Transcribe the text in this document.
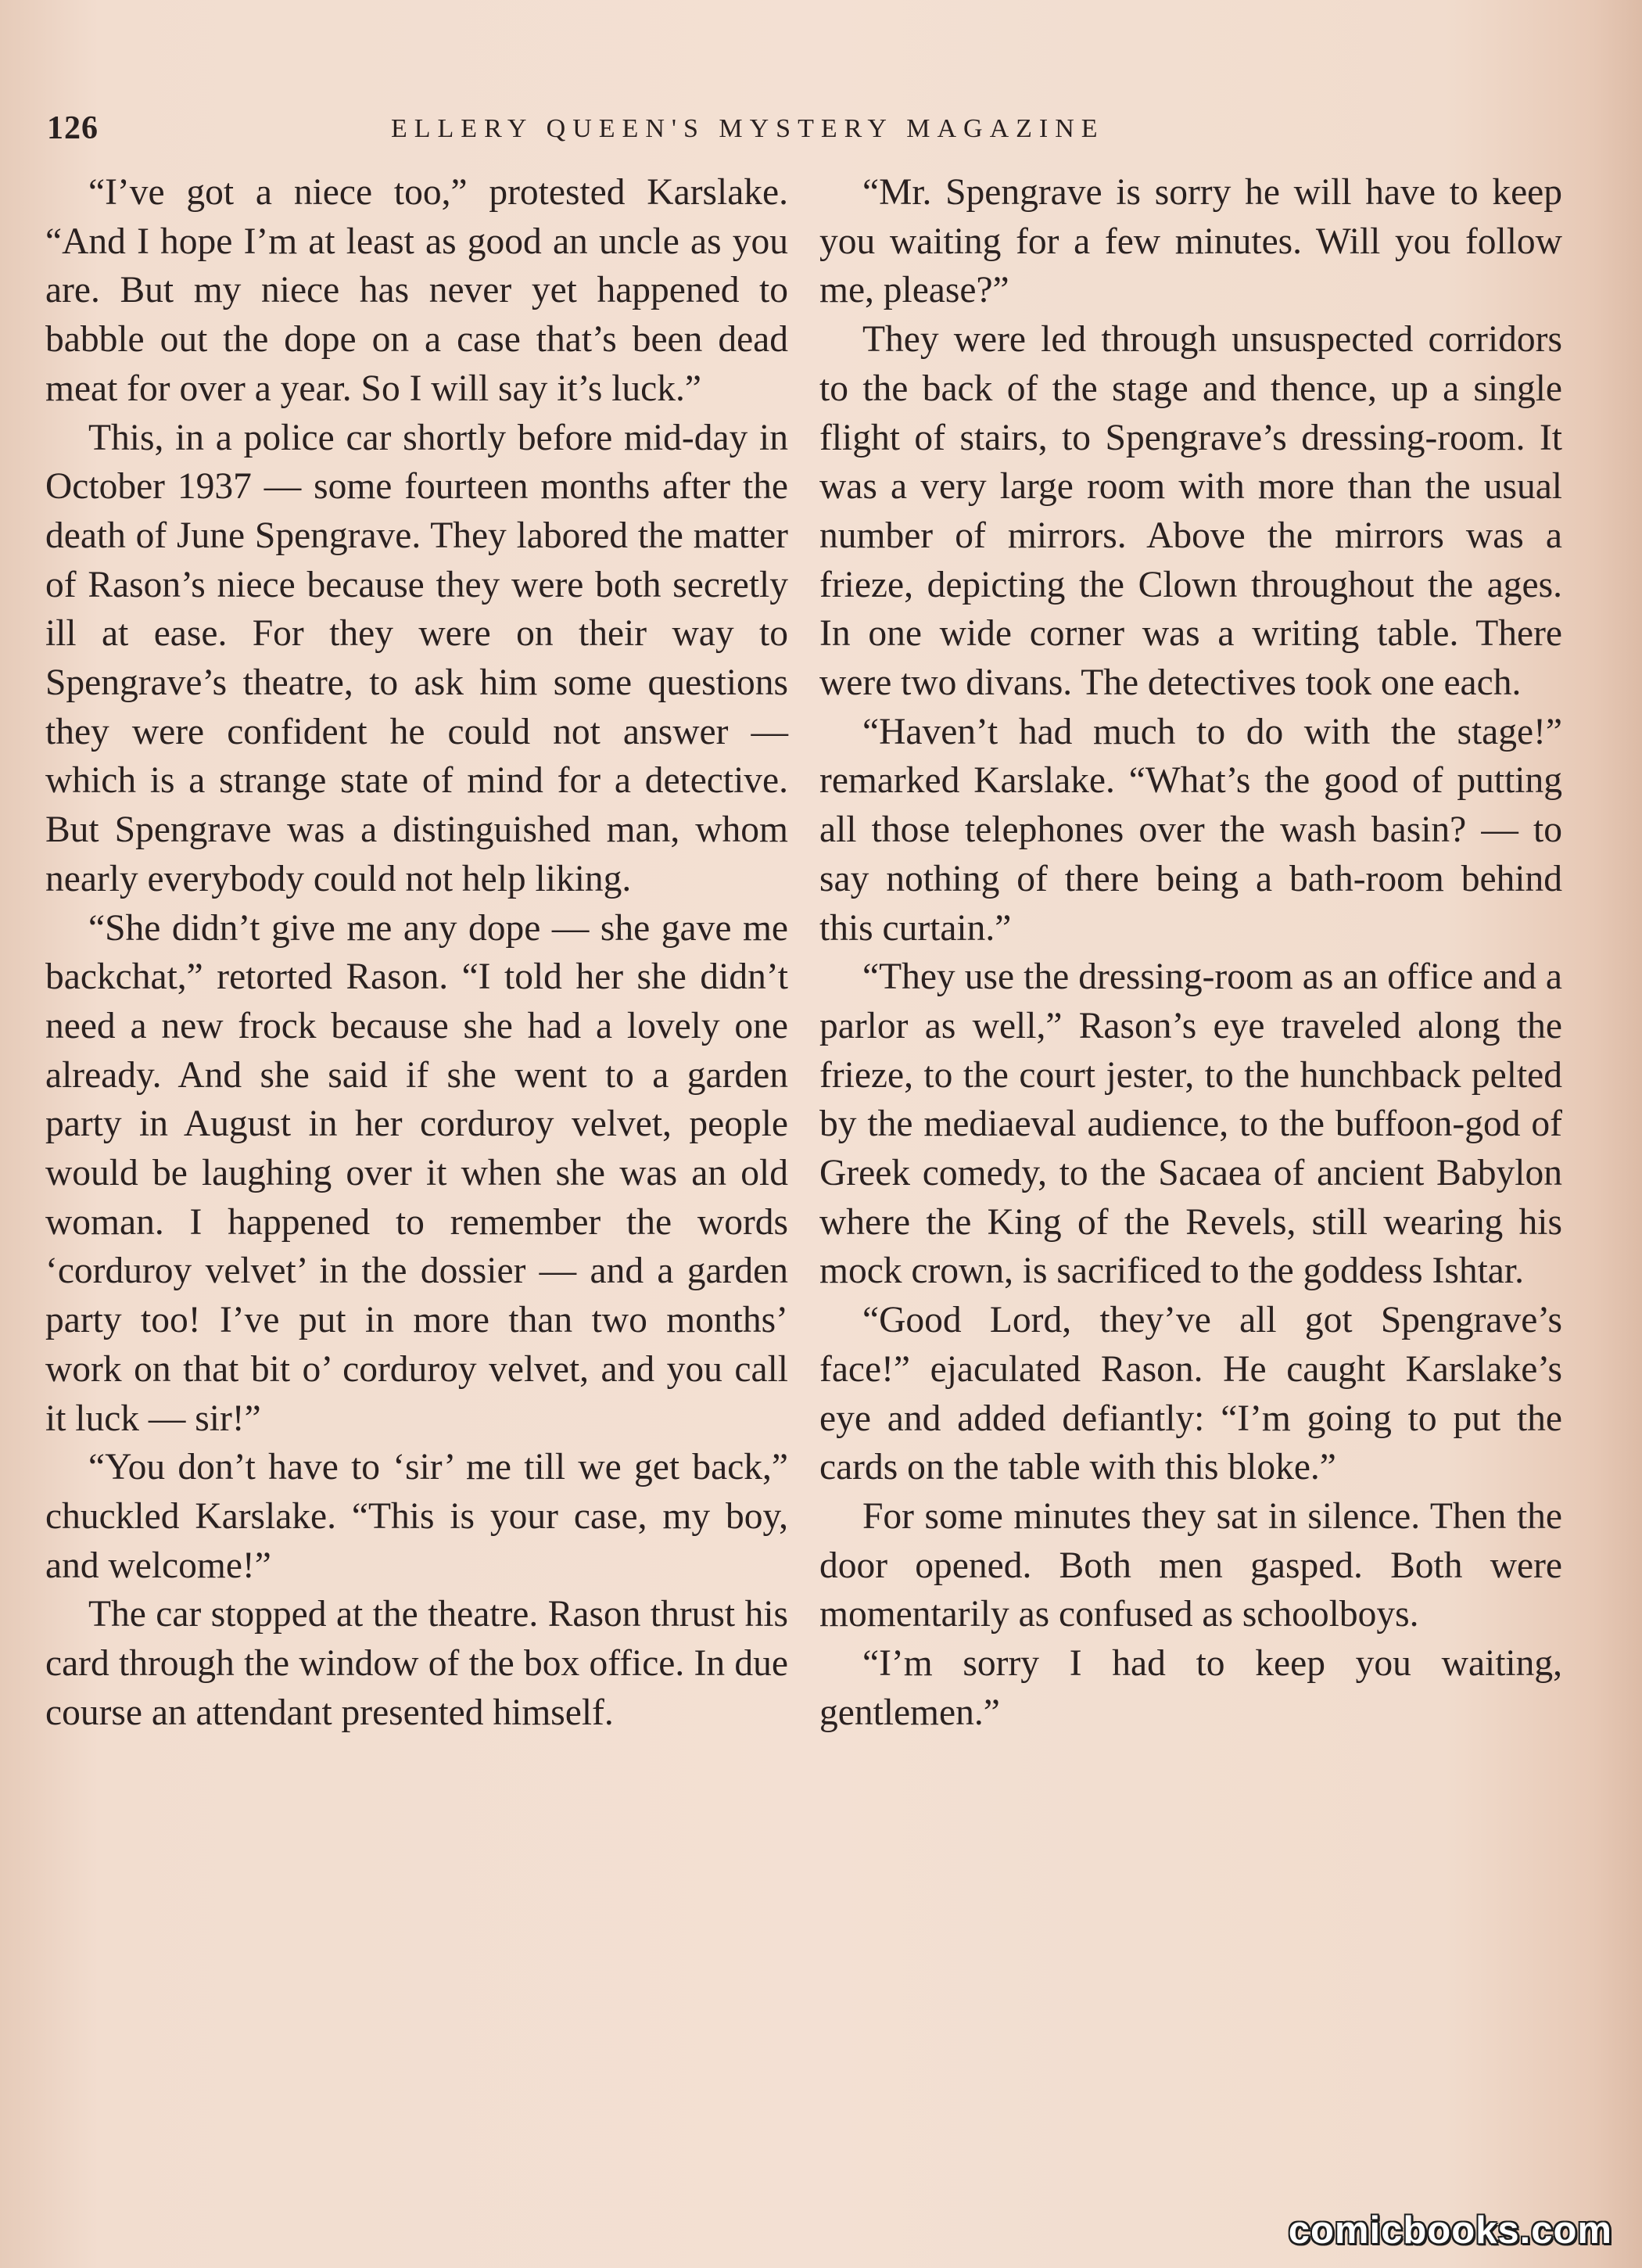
126	ELLERY QUEEN'S MYSTERY MAGAZINE

“I’ve got a niece too,” protested Karslake. “And I hope I’m at least as good an uncle as you are. But my niece has never yet happened to babble out the dope on a case that’s been dead meat for over a year. So I will say it’s luck.”

This, in a police car shortly before mid-day in October 1937 — some fourteen months after the death of June Spengrave. They labored the matter of Rason’s niece because they were both secretly ill at ease. For they were on their way to Spengrave’s theatre, to ask him some questions they were confident he could not answer — which is a strange state of mind for a detective. But Spengrave was a distinguished man, whom nearly everybody could not help liking.

“She didn’t give me any dope — she gave me backchat,” retorted Rason. “I told her she didn’t need a new frock because she had a lovely one already. And she said if she went to a garden party in August in her corduroy velvet, people would be laughing over it when she was an old woman. I happened to remember the words ‘corduroy velvet’ in the dossier — and a garden party too! I’ve put in more than two months’ work on that bit o’ corduroy velvet, and you call it luck — sir!”

“You don’t have to ‘sir’ me till we get back,” chuckled Karslake. “This is your case, my boy, and welcome!”

The car stopped at the theatre. Rason thrust his card through the window of the box office. In due course an attendant presented himself.

“Mr. Spengrave is sorry he will have to keep you waiting for a few minutes. Will you follow me, please?”

They were led through unsuspected corridors to the back of the stage and thence, up a single flight of stairs, to Spengrave’s dressing-room. It was a very large room with more than the usual number of mirrors. Above the mirrors was a frieze, depicting the Clown throughout the ages. In one wide corner was a writing table. There were two divans. The detectives took one each.

“Haven’t had much to do with the stage!” remarked Karslake. “What’s the good of putting all those telephones over the wash basin? — to say nothing of there being a bath-room behind this curtain.”

“They use the dressing-room as an office and a parlor as well,” Rason’s eye traveled along the frieze, to the court jester, to the hunchback pelted by the mediaeval audience, to the buffoon-god of Greek comedy, to the Sacaea of ancient Babylon where the King of the Revels, still wearing his mock crown, is sacrificed to the goddess Ishtar.

“Good Lord, they’ve all got Spengrave’s face!” ejaculated Rason. He caught Karslake’s eye and added defiantly: “I’m going to put the cards on the table with this bloke.”

For some minutes they sat in silence. Then the door opened. Both men gasped. Both were momentarily as confused as schoolboys.

“I’m sorry I had to keep you waiting, gentlemen.”

comicbooks.com
